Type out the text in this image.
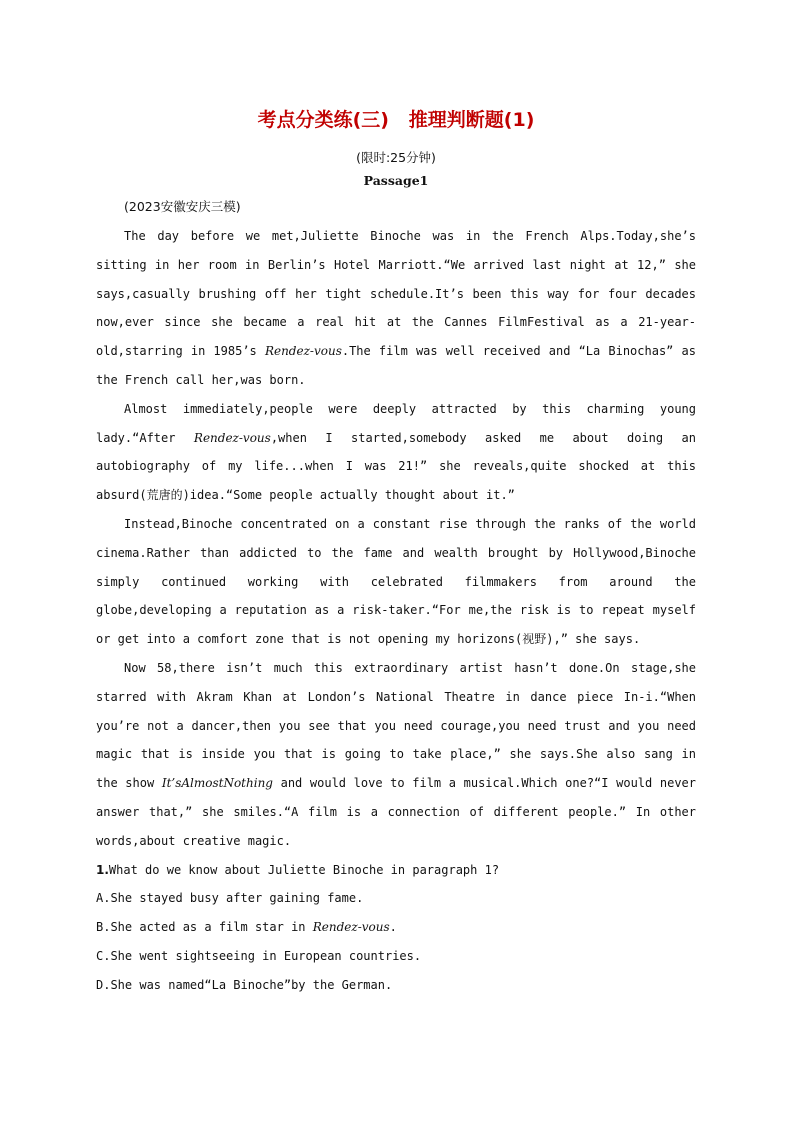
考点分类练(三)   推理判断题(1)
(限时:25分钟)
Passage1
(2023安徽安庆三模)

The day before we met,Juliette Binoche was in the French Alps.Today,she’s sitting in her room in Berlin’s Hotel Marriott.“We arrived last night at 12,” she says,casually brushing off her tight schedule.It’s been this way for four decades now,ever since she became a real hit at the Cannes FilmFestival as a 21-year-old,starring in 1985’s Rendez-vous.The film was well received and “La Binochas” as the French call her,was born.

Almost immediately,people were deeply attracted by this charming young lady.“After Rendez-vous,when I started,somebody asked me about doing an autobiography of my life...when I was 21!” she reveals,quite shocked at this absurd(荒唐的)idea.“Some people actually thought about it.”

Instead,Binoche concentrated on a constant rise through the ranks of the world cinema.Rather than addicted to the fame and wealth brought by Hollywood,Binoche simply continued working with celebrated filmmakers from around the globe,developing a reputation as a risk-taker.“For me,the risk is to repeat myself or get into a comfort zone that is not opening my horizons(视野),” she says.

Now 58,there isn’t much this extraordinary artist hasn’t done.On stage,she starred with Akram Khan at London’s National Theatre in dance piece In-i.“When you’re not a dancer,then you see that you need courage,you need trust and you need magic that is inside you that is going to take place,” she says.She also sang in the show It’sAlmostNothing and would love to film a musical.Which one?“I would never answer that,” she smiles.“A film is a connection of different people.” In other words,about creative magic.

1.What do we know about Juliette Binoche in paragraph 1?
A.She stayed busy after gaining fame.
B.She acted as a film star in Rendez-vous.
C.She went sightseeing in European countries.
D.She was named“La Binoche”by the German.
